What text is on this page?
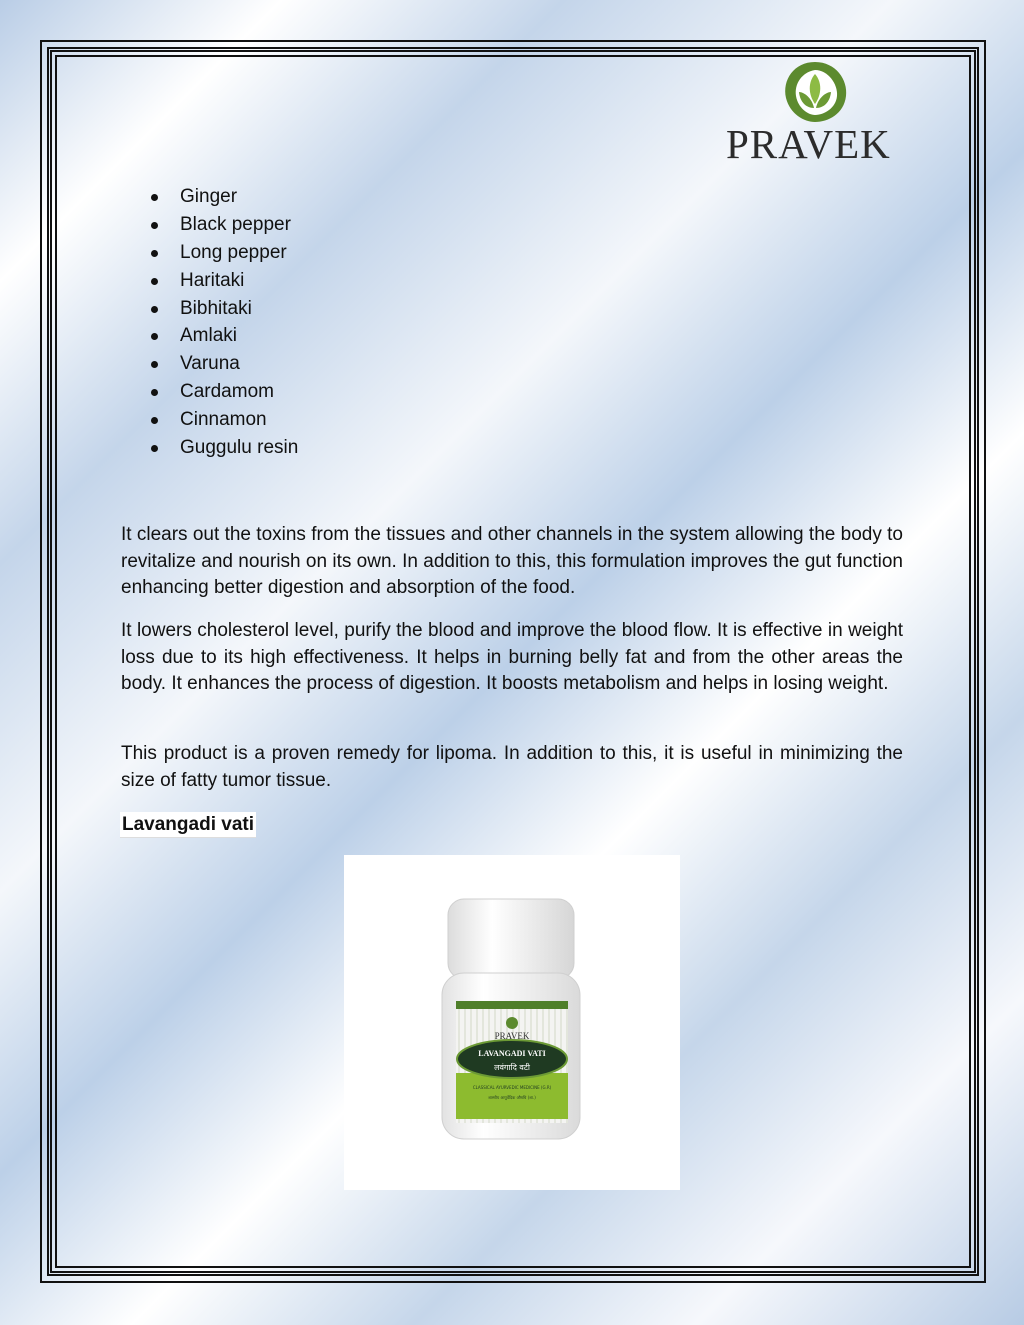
PRAVEK
Ginger
Black pepper
Long pepper
Haritaki
Bibhitaki
Amlaki
Varuna
Cardamom
Cinnamon
Guggulu resin

It clears out the toxins from the tissues and other channels in the system allowing the body to revitalize and nourish on its own. In addition to this, this formulation improves the gut function enhancing better digestion and absorption of the food.

It lowers cholesterol level, purify the blood and improve the blood flow. It is effective in weight loss due to its high effectiveness. It helps in burning belly fat and from the other areas the body. It enhances the process of digestion. It boosts metabolism and helps in losing weight.

This product is a proven remedy for lipoma. In addition to this, it is useful in minimizing the size of fatty tumor tissue.

Lavangadi vati
PRAVEK
LAVANGADI VATI
लवंगादि वटी
CLASSICAL AYURVEDIC MEDICINE (G.R)
शास्त्रीय आयुर्वेदिक औषधि (शा.)
